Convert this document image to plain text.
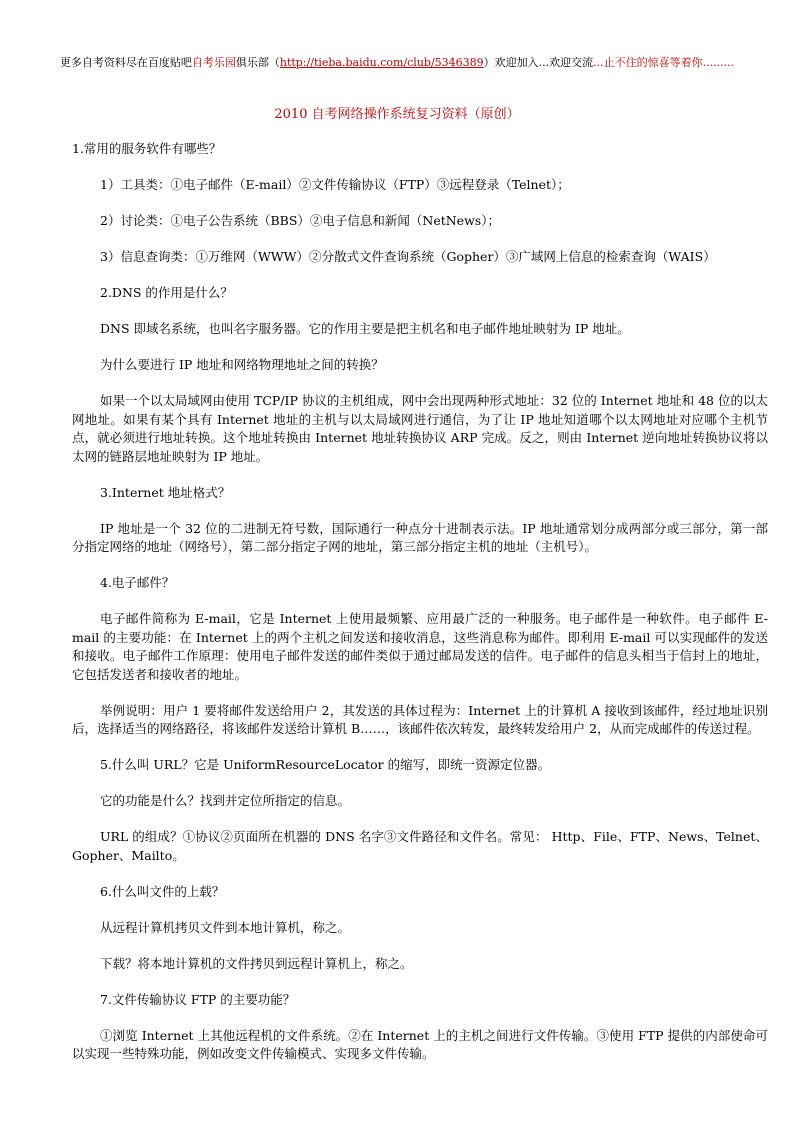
更多自考资料尽在百度贴吧自考乐园俱乐部（http://tieba.baidu.com/club/5346389）欢迎加入...欢迎交流...止不住的惊喜等着你.........
2010 自考网络操作系统复习资料（原创）

1.常用的服务软件有哪些？

1）工具类：①电子邮件（E-mail）②文件传输协议（FTP）③远程登录（Telnet）；

2）讨论类：①电子公告系统（BBS）②电子信息和新闻（NetNews）；

3）信息查询类：①万维网（WWW）②分散式文件查询系统（Gopher）③广域网上信息的检索查询（WAIS）

2.DNS 的作用是什么？

DNS 即域名系统，也叫名字服务器。它的作用主要是把主机名和电子邮件地址映射为 IP 地址。

为什么要进行 IP 地址和网络物理地址之间的转换？

如果一个以太局域网由使用 TCP/IP 协议的主机组成，网中会出现两种形式地址：32 位的 Internet 地址和 48 位的以太网地址。如果有某个具有 Internet 地址的主机与以太局域网进行通信，为了让 IP 地址知道哪个以太网地址对应哪个主机节点，就必须进行地址转换。这个地址转换由 Internet 地址转换协议 ARP 完成。反之，则由 Internet 逆向地址转换协议将以太网的链路层地址映射为 IP 地址。

3.Internet 地址格式？

IP 地址是一个 32 位的二进制无符号数，国际通行一种点分十进制表示法。IP 地址通常划分成两部分或三部分，第一部分指定网络的地址（网络号），第二部分指定子网的地址，第三部分指定主机的地址（主机号）。

4.电子邮件？

电子邮件简称为 E-mail，它是 Internet 上使用最频繁、应用最广泛的一种服务。电子邮件是一种软件。电子邮件 E-mail 的主要功能：在 Internet 上的两个主机之间发送和接收消息，这些消息称为邮件。即利用 E-mail 可以实现邮件的发送和接收。电子邮件工作原理：使用电子邮件发送的邮件类似于通过邮局发送的信件。电子邮件的信息头相当于信封上的地址，它包括发送者和接收者的地址。

举例说明：用户 1 要将邮件发送给用户 2，其发送的具体过程为：Internet 上的计算机 A 接收到该邮件，经过地址识别后，选择适当的网络路径，将该邮件发送给计算机 B……，该邮件依次转发，最终转发给用户 2，从而完成邮件的传送过程。

5.什么叫 URL？它是 UniformResourceLocator 的缩写，即统一资源定位器。

它的功能是什么？找到并定位所指定的信息。

URL 的组成？①协议②页面所在机器的 DNS 名字③文件路径和文件名。常见： Http、File、FTP、News、Telnet、Gopher、Mailto。

6.什么叫文件的上载？

从远程计算机拷贝文件到本地计算机，称之。

下载？将本地计算机的文件拷贝到远程计算机上，称之。

7.文件传输协议 FTP 的主要功能？

①浏览 Internet 上其他远程机的文件系统。②在 Internet 上的主机之间进行文件传输。③使用 FTP 提供的内部使命可以实现一些特殊功能，例如改变文件传输模式、实现多文件传输。
